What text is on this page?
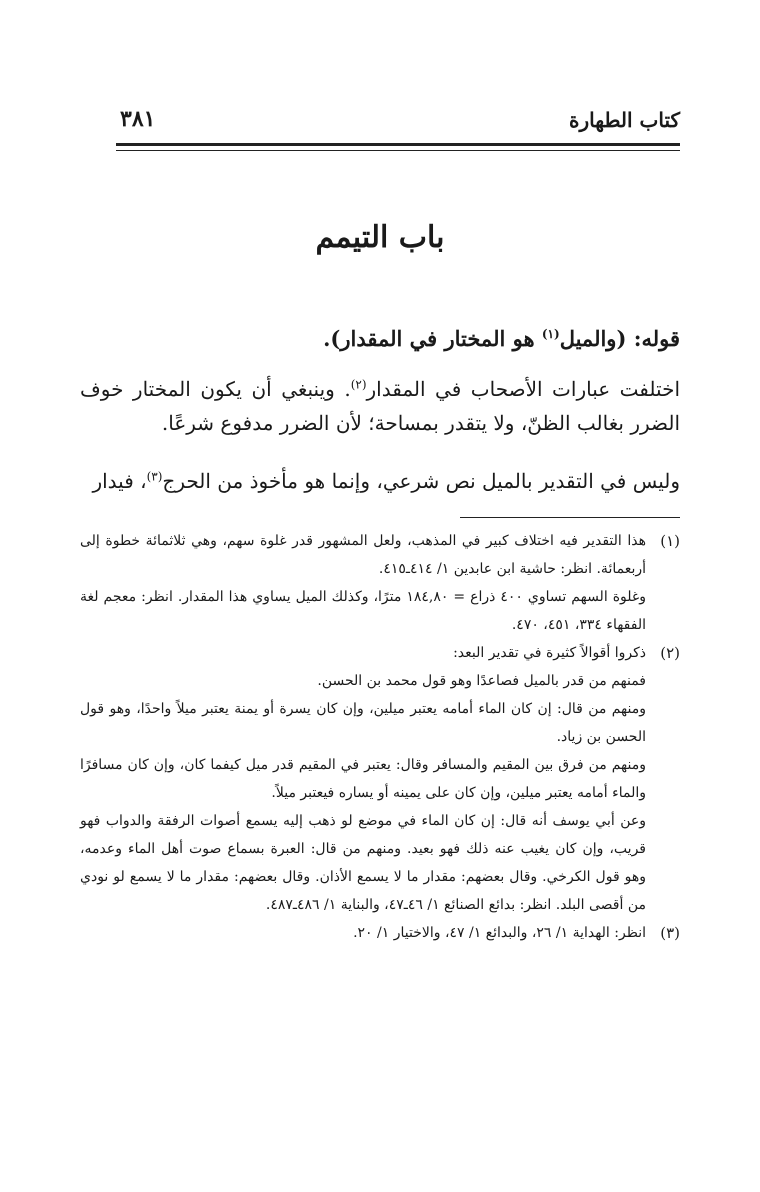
كتاب الطهارة
٣٨١
باب التيمم
قوله: (والميل$^{(١)}$ هو المختار في المقدار).
اختلفت عبارات الأصحاب في المقدار$^{(٢)}$. وينبغي أن يكون المختار خوف الضرر بغالب الظنّ، ولا يتقدر بمساحة؛ لأن الضرر مدفوع شرعًا.
وليس في التقدير بالميل نص شرعي، وإنما هو مأخوذ من الحرج$^{(٣)}$، فيدار
(١)

هذا التقدير فيه اختلاف كبير في المذهب، ولعل المشهور قدر غلوة سهم، وهي ثلاثمائة خطوة إلى أربعمائة. انظر: حاشية ابن عابدين ١/ ٤١٤ـ٤١٥.

وغلوة السهم تساوي ٤٠٠ ذراع = ١٨٤,٨٠ مترًا، وكذلك الميل يساوي هذا المقدار. انظر: معجم لغة الفقهاء ٣٣٤، ٤٥١، ٤٧٠.

(٢)

ذكروا أقوالاً كثيرة في تقدير البعد:

فمنهم من قدر بالميل فصاعدًا وهو قول محمد بن الحسن.

ومنهم من قال: إن كان الماء أمامه يعتبر ميلين، وإن كان يسرة أو يمنة يعتبر ميلاً واحدًا، وهو قول الحسن بن زياد.

ومنهم من فرق بين المقيم والمسافر وقال: يعتبر في المقيم قدر ميل كيفما كان، وإن كان مسافرًا والماء أمامه يعتبر ميلين، وإن كان على يمينه أو يساره فيعتبر ميلاً.

وعن أبي يوسف أنه قال: إن كان الماء في موضع لو ذهب إليه يسمع أصوات الرفقة والدواب فهو قريب، وإن كان يغيب عنه ذلك فهو بعيد. ومنهم من قال: العبرة بسماع صوت أهل الماء وعدمه، وهو قول الكرخي. وقال بعضهم: مقدار ما لا يسمع الأذان. وقال بعضهم: مقدار ما لا يسمع لو نودي من أقصى البلد. انظر: بدائع الصنائع ١/ ٤٦ـ٤٧، والبناية ١/ ٤٨٦ـ٤٨٧.

(٣)

انظر: الهداية ١/ ٢٦، والبدائع ١/ ٤٧، والاختيار ١/ ٢٠.
